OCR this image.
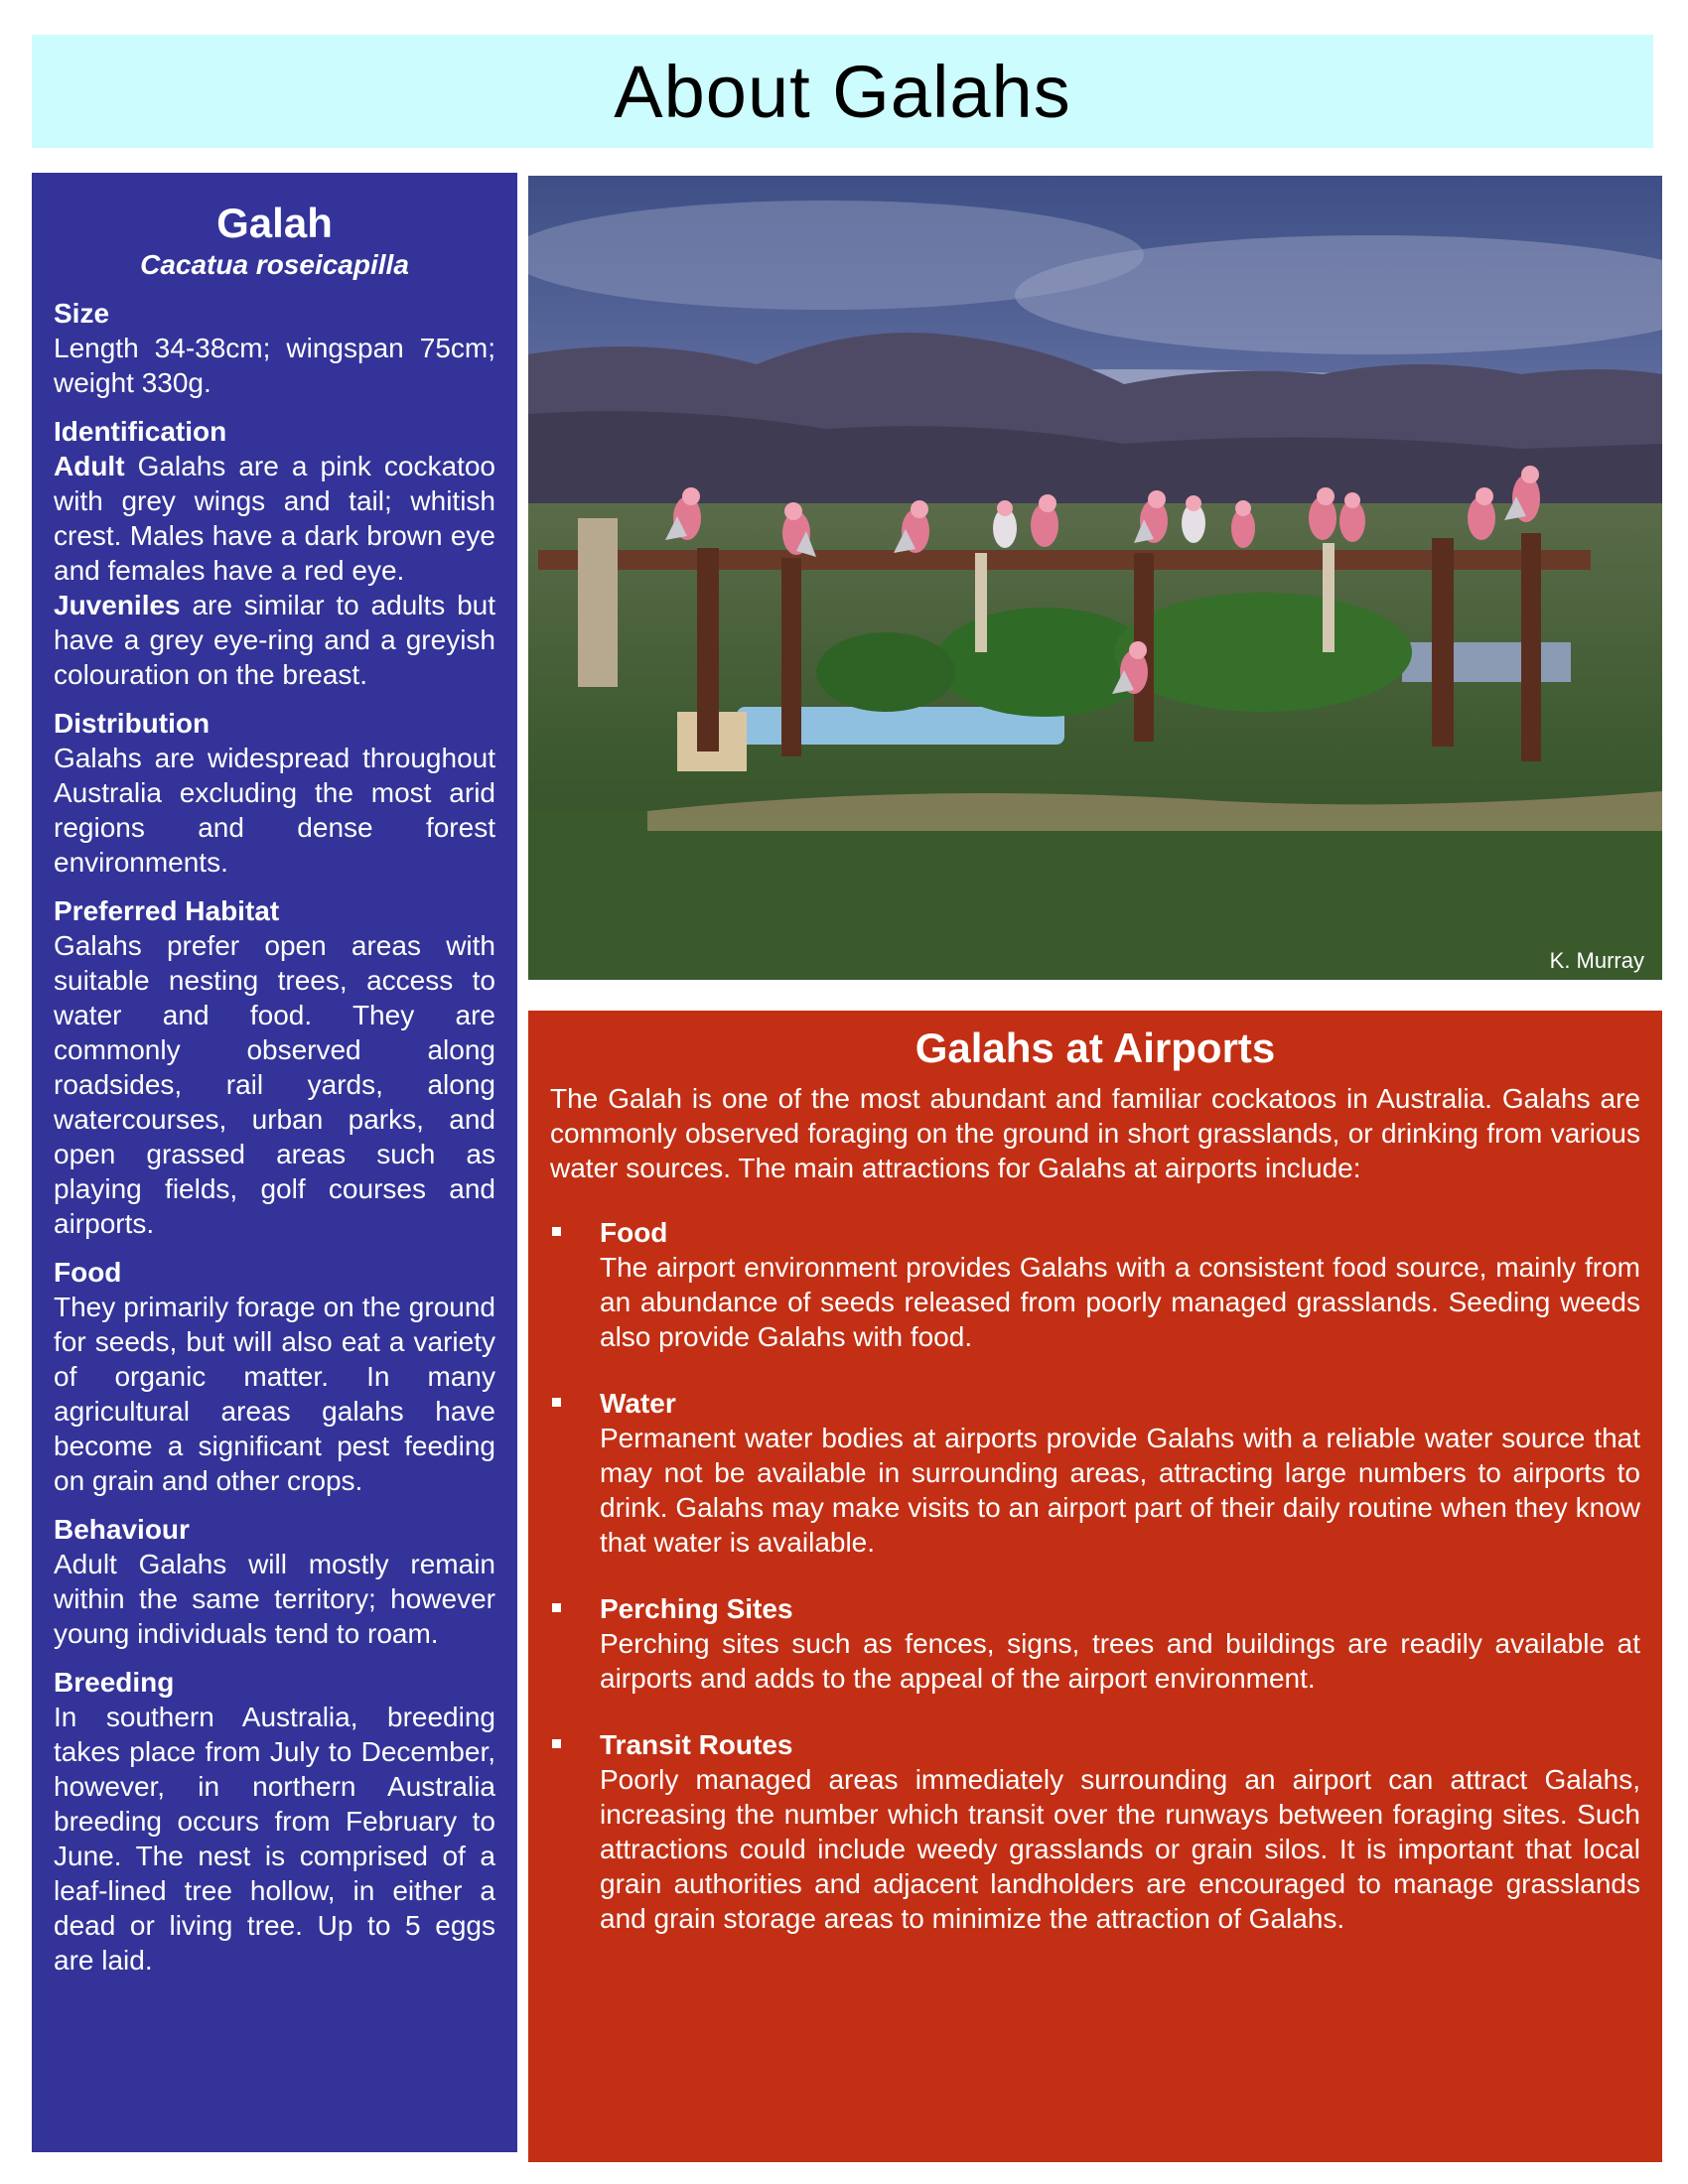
About Galahs
Galah
Cacatua roseicapilla
Size

Length 34-38cm; wingspan 75cm; weight 330g.

Identification

Adult Galahs are a pink cockatoo with grey wings and tail; whitish crest. Males have a dark brown eye and females have a red eye.

Juveniles are similar to adults but have a grey eye-ring and a greyish colouration on the breast.

Distribution

Galahs are widespread throughout Australia excluding the most arid regions and dense forest environments.

Preferred Habitat

Galahs prefer open areas with suitable nesting trees, access to water and food. They are commonly observed along roadsides, rail yards, along watercourses, urban parks, and open grassed areas such as playing fields, golf courses and airports.

Food

They primarily forage on the ground for seeds, but will also eat a variety of organic matter. In many agricultural areas galahs have become a significant pest feeding on grain and other crops.

Behaviour

Adult Galahs will mostly remain within the same territory; however young individuals tend to roam.

Breeding

In southern Australia, breeding takes place from July to December, however, in northern Australia breeding occurs from February to June. The nest is comprised of a leaf-lined tree hollow, in either a dead or living tree. Up to 5 eggs are laid.

K. Murray
Galahs at Airports

The Galah is one of the most abundant and familiar cockatoos in Australia. Galahs are commonly observed foraging on the ground in short grasslands, or drinking from various water sources. The main attractions for Galahs at airports include:

Food

The airport environment provides Galahs with a consistent food source, mainly from an abundance of seeds released from poorly managed grasslands. Seeding weeds also provide Galahs with food.

Water

Permanent water bodies at airports provide Galahs with a reliable water source that may not be available in surrounding areas, attracting large numbers to airports to drink. Galahs may make visits to an airport part of their daily routine when they know that water is available.

Perching Sites

Perching sites such as fences, signs, trees and buildings are readily available at airports and adds to the appeal of the airport environment.

Transit Routes

Poorly managed areas immediately surrounding an airport can attract Galahs, increasing the number which transit over the runways between foraging sites. Such attractions could include weedy grasslands or grain silos. It is important that local grain authorities and adjacent landholders are encouraged to manage grasslands and grain storage areas to minimize the attraction of Galahs.
